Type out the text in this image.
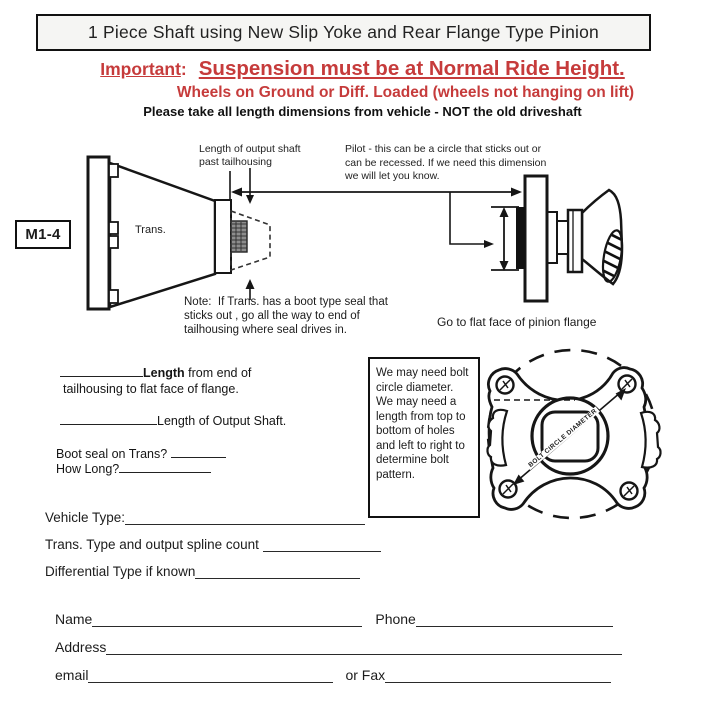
1 Piece Shaft using New Slip Yoke and Rear Flange Type Pinion
Important: Suspension must be at Normal Ride Height.
Wheels on Ground or Diff. Loaded (wheels not hanging on lift)
Please take all length dimensions from vehicle - NOT the old driveshaft
Length of output shaft past tailhousing
Pilot - this can be a circle that sticks out or can be recessed. If we need this dimension we will let you know.
M1-4	Trans.
Note:  If Trans. has a boot type seal that sticks out , go all the way to end of tailhousing where seal drives in.
Go to flat face of pinion flange
We may need bolt circle diameter.  We may need a length from top to bottom of holes and left to right to determine bolt pattern.
BOLT CIRCLE DIAMETER
Length from end of
tailhousing to flat face of flange.
Length of Output Shaft.
Boot seal on Trans?
How Long?
Vehicle Type:
Trans. Type and output spline count

Differential Type if known
Name	Phone
Address
email	or Fax
